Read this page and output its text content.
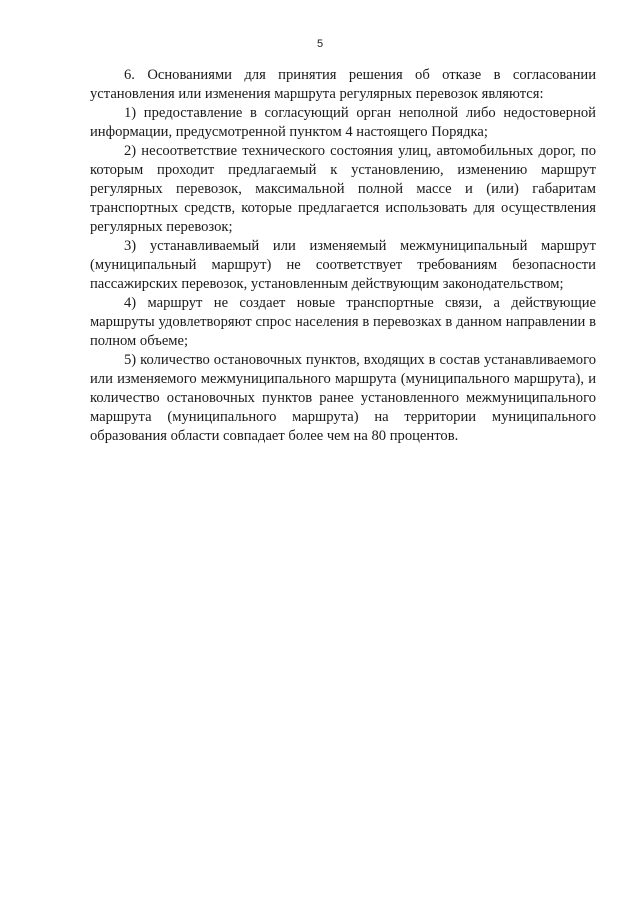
5

6. Основаниями для принятия решения об отказе в согласовании установления или изменения маршрута регулярных перевозок являются:

1) предоставление в согласующий орган неполной либо недостоверной информации, предусмотренной пунктом 4 настоящего Порядка;

2) несоответствие технического состояния улиц, автомобильных дорог, по которым проходит предлагаемый к установлению, изменению маршрут регулярных перевозок, максимальной полной массе и (или) габаритам транспортных средств, которые предлагается использовать для осуществления регулярных перевозок;

3) устанавливаемый или изменяемый межмуниципальный маршрут (муниципальный маршрут) не соответствует требованиям безопасности пассажирских перевозок, установленным действующим законодательством;

4) маршрут не создает новые транспортные связи, а действующие маршруты удовлетворяют спрос населения в перевозках в данном направлении в полном объеме;

5) количество остановочных пунктов, входящих в состав устанавливаемого или изменяемого межмуниципального маршрута (муниципального маршрута), и количество остановочных пунктов ранее установленного межмуниципального маршрута (муниципального маршрута) на территории муниципального образования области совпадает более чем на 80 процентов.
